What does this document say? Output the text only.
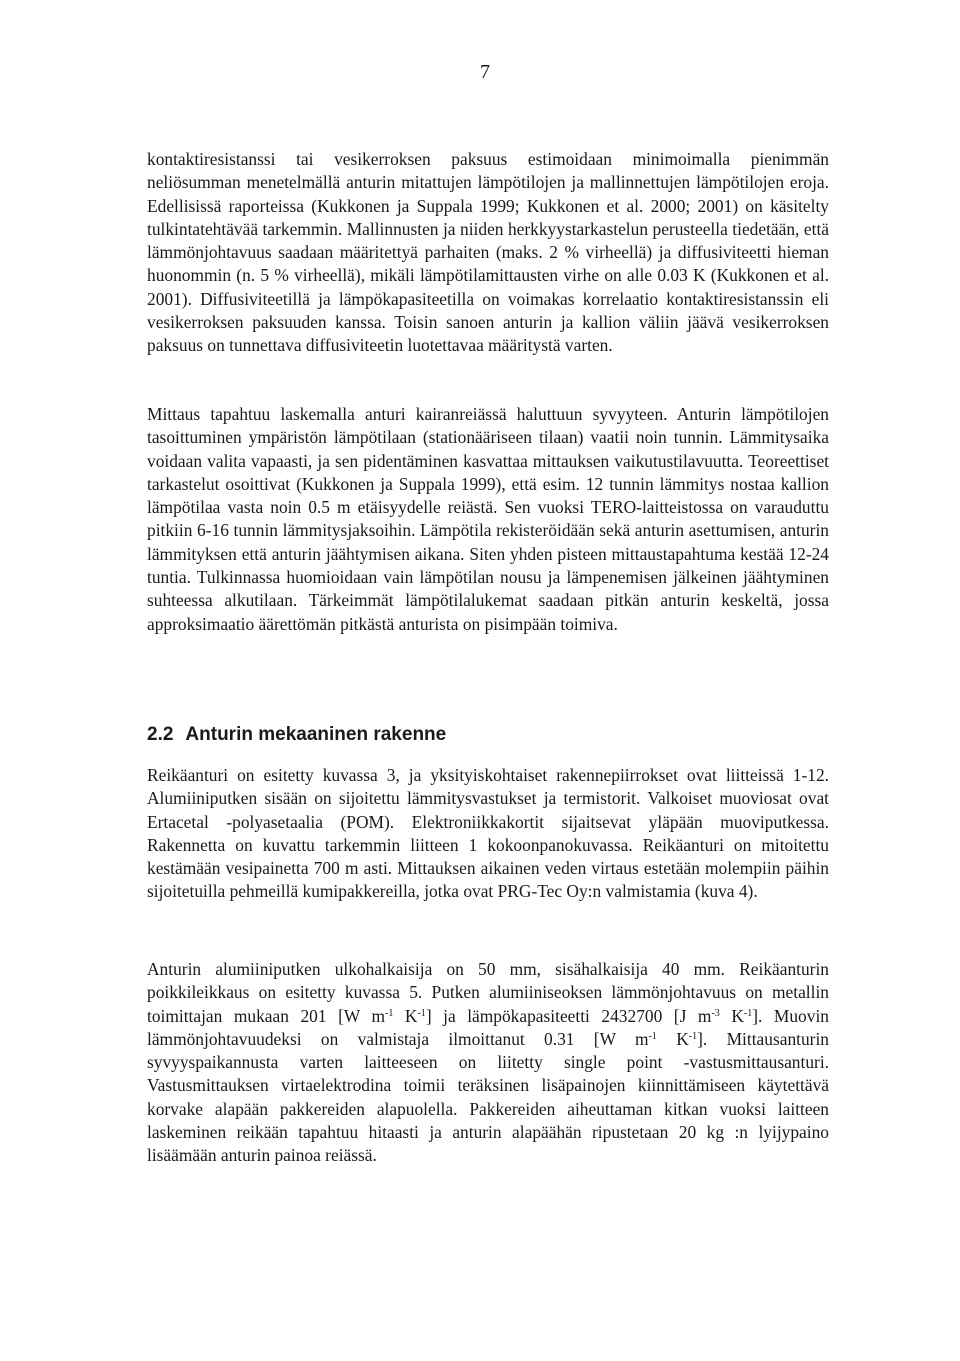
7

kontaktiresistanssi tai vesikerroksen paksuus estimoidaan minimoimalla pienimmän neliösumman menetelmällä anturin mitattujen lämpötilojen ja mallinnettujen lämpötilojen eroja. Edellisissä raporteissa (Kukkonen ja Suppala 1999; Kukkonen et al. 2000; 2001) on käsitelty tulkintatehtävää tarkemmin. Mallinnusten ja niiden herkkyystarkastelun perusteella tiedetään, että lämmönjohtavuus saadaan määritettyä parhaiten (maks. 2 % virheellä) ja diffusiviteetti hieman huonommin (n. 5 % virheellä), mikäli lämpötilamittausten virhe on alle 0.03 K (Kukkonen et al. 2001). Diffusiviteetillä ja lämpökapasiteetilla on voimakas korrelaatio kontaktiresistanssin eli vesikerroksen paksuuden kanssa. Toisin sanoen anturin ja kallion väliin jäävä vesikerroksen paksuus on tunnettava diffusiviteetin luotettavaa määritystä varten.

Mittaus tapahtuu laskemalla anturi kairanreiässä haluttuun syvyyteen. Anturin lämpötilojen tasoittuminen ympäristön lämpötilaan (stationääriseen tilaan) vaatii noin tunnin. Lämmitysaika voidaan valita vapaasti, ja sen pidentäminen kasvattaa mittauksen vaikutustilavuutta. Teoreettiset tarkastelut osoittivat (Kukkonen ja Suppala 1999), että esim. 12 tunnin lämmitys nostaa kallion lämpötilaa vasta noin 0.5 m etäisyydelle reiästä. Sen vuoksi TERO-laitteistossa on varauduttu pitkiin 6-16 tunnin lämmitysjaksoihin. Lämpötila rekisteröidään sekä anturin asettumisen, anturin lämmityksen että anturin jäähtymisen aikana. Siten yhden pisteen mittaustapahtuma kestää 12-24 tuntia. Tulkinnassa huomioidaan vain lämpötilan nousu ja lämpenemisen jälkeinen jäähtyminen suhteessa alkutilaan. Tärkeimmät lämpötilalukemat saadaan pitkän anturin keskeltä, jossa approksimaatio äärettömän pitkästä anturista on pisimpään toimiva.

2.2 Anturin mekaaninen rakenne

Reikäanturi on esitetty kuvassa 3, ja yksityiskohtaiset rakennepiirrokset ovat liitteissä 1-12. Alumiiniputken sisään on sijoitettu lämmitysvastukset ja termistorit. Valkoiset muoviosat ovat Ertacetal -polyasetaalia (POM). Elektroniikkakortit sijaitsevat yläpään muoviputkessa. Rakennetta on kuvattu tarkemmin liitteen 1 kokoonpanokuvassa. Reikäanturi on mitoitettu kestämään vesipainetta 700 m asti. Mittauksen aikainen veden virtaus estetään molempiin päihin sijoitetuilla pehmeillä kumipakkereilla, jotka ovat PRG-Tec Oy:n valmistamia (kuva 4).

Anturin alumiiniputken ulkohalkaisija on 50 mm, sisähalkaisija 40 mm. Reikäanturin poikkileikkaus on esitetty kuvassa 5. Putken alumiiniseoksen lämmönjohtavuus on metallin toimittajan mukaan 201 [W $m^{-1}$ $K^{-1}$] ja lämpökapasiteetti 2432700 [J $m^{-3}$ $K^{-1}$]. Muovin lämmönjohtavuudeksi on valmistaja ilmoittanut 0.31 [W $m^{-1}$ $K^{-1}$]. Mittausanturin syvyyspaikannusta varten laitteeseen on liitetty single point -vastusmittausanturi. Vastusmittauksen virtaelektrodina toimii teräksinen lisäpainojen kiinnittämiseen käytettävä korvake alapään pakkereiden alapuolella. Pakkereiden aiheuttaman kitkan vuoksi laitteen laskeminen reikään tapahtuu hitaasti ja anturin alapäähän ripustetaan 20 kg :n lyijypaino lisäämään anturin painoa reiässä.
